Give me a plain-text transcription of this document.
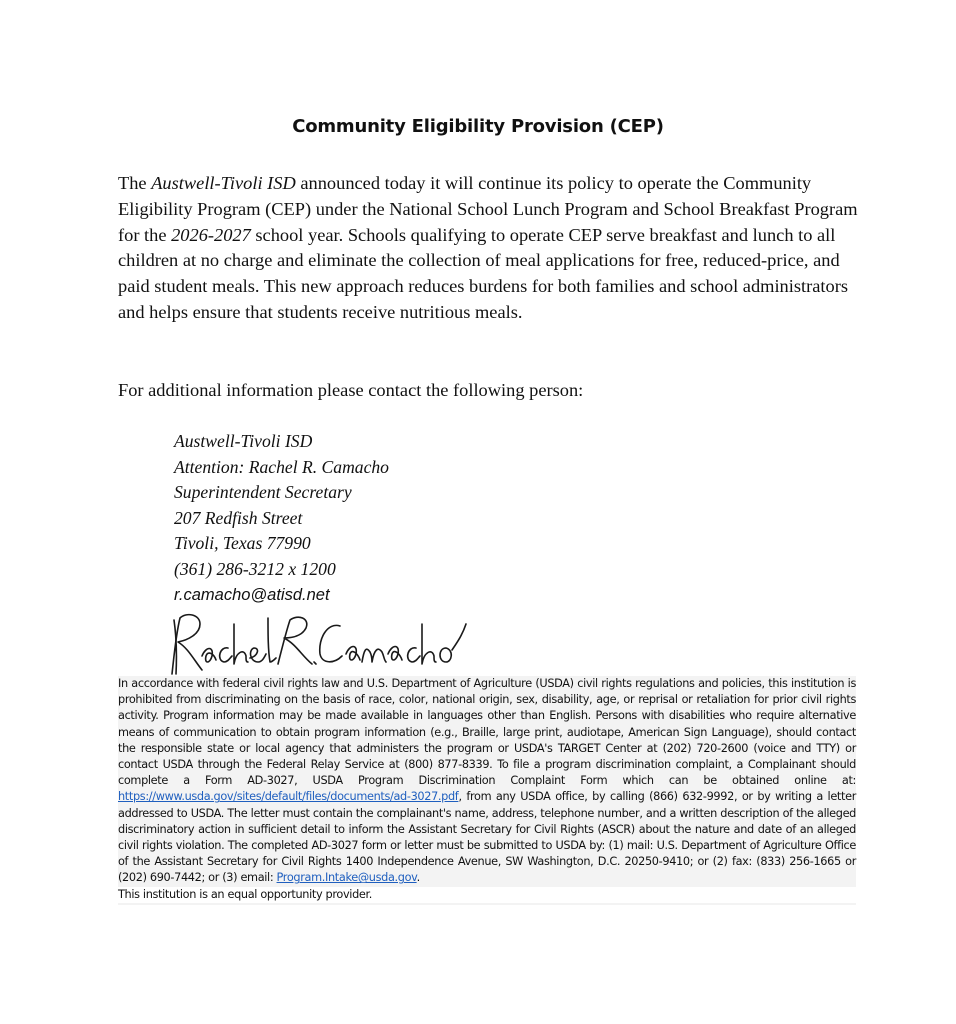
Community Eligibility Provision (CEP)

The Austwell-Tivoli ISD announced today it will continue its policy to operate the Community Eligibility Program (CEP) under the National School Lunch Program and School Breakfast Program for the 2026-2027 school year. Schools qualifying to operate CEP serve breakfast and lunch to all children at no charge and eliminate the collection of meal applications for free, reduced-price, and paid student meals. This new approach reduces burdens for both families and school administrators and helps ensure that students receive nutritious meals.

For additional information please contact the following person:
Austwell-Tivoli ISD
Attention: Rachel R. Camacho
Superintendent Secretary
207 Redfish Street
Tivoli, Texas 77990
(361) 286-3212 x 1200
r.camacho@atisd.net

In accordance with federal civil rights law and U.S. Department of Agriculture (USDA) civil rights regulations and policies, this institution is prohibited from discriminating on the basis of race, color, national origin, sex, disability, age, or reprisal or retaliation for prior civil rights activity. Program information may be made available in languages other than English. Persons with disabilities who require alternative means of communication to obtain program information (e.g., Braille, large print, audiotape, American Sign Language), should contact the responsible state or local agency that administers the program or USDA's TARGET Center at (202) 720-2600 (voice and TTY) or contact USDA through the Federal Relay Service at (800) 877-8339. To file a program discrimination complaint, a Complainant should complete a Form AD-3027, USDA Program Discrimination Complaint Form which can be obtained online at: https://www.usda.gov/sites/default/files/documents/ad-3027.pdf, from any USDA office, by calling (866) 632-9992, or by writing a letter addressed to USDA. The letter must contain the complainant's name, address, telephone number, and a written description of the alleged discriminatory action in sufficient detail to inform the Assistant Secretary for Civil Rights (ASCR) about the nature and date of an alleged civil rights violation. The completed AD-3027 form or letter must be submitted to USDA by: (1) mail: U.S. Department of Agriculture Office of the Assistant Secretary for Civil Rights 1400 Independence Avenue, SW Washington, D.C. 20250-9410; or (2) fax: (833) 256-1665 or (202) 690-7442; or (3) email: Program.Intake@usda.gov.

This institution is an equal opportunity provider.
